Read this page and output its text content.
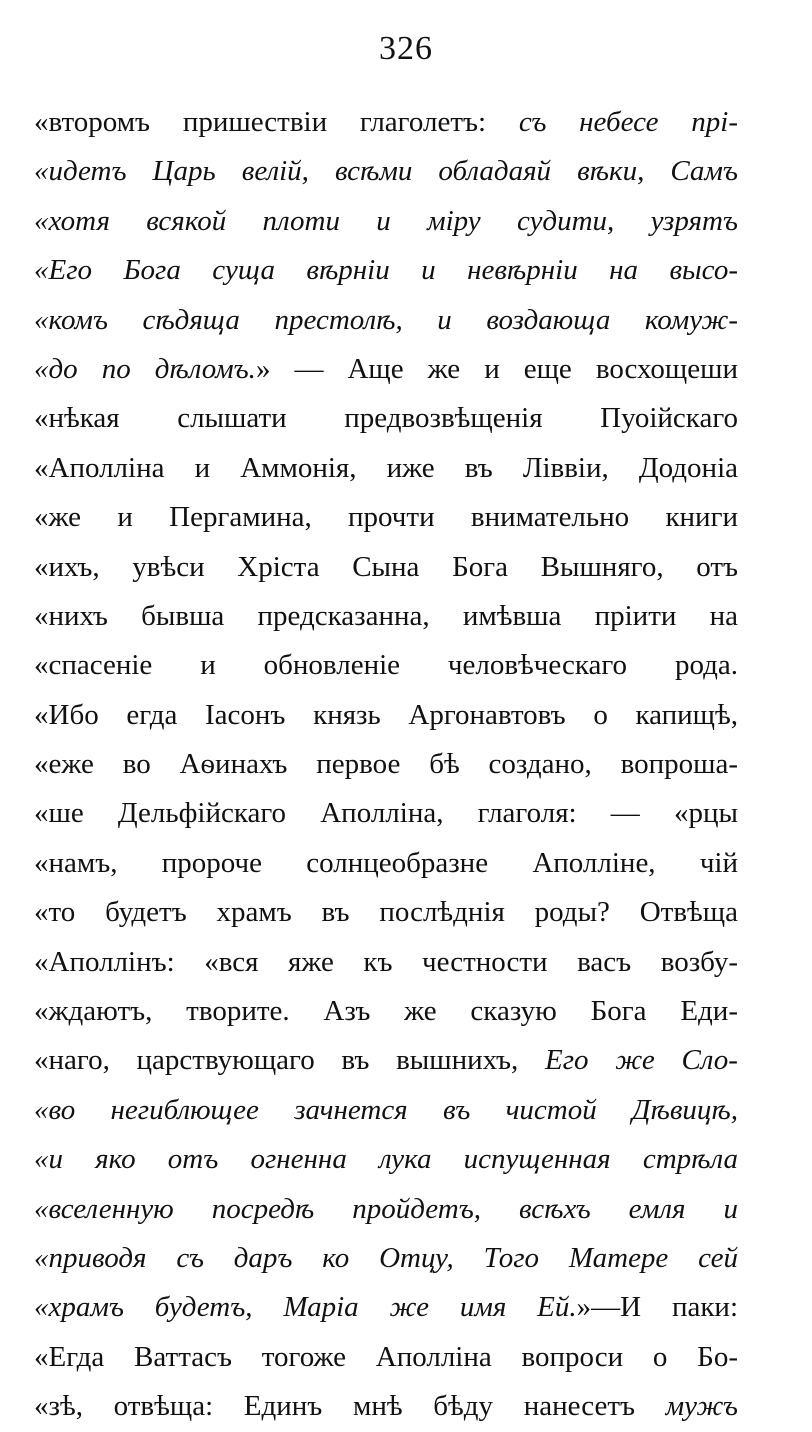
326
«второмъ пришествіи глаголетъ: съ небесе прі-
«идетъ Царь велій, всѣми обладаяй вѣки, Самъ
«хотя всякой плоти и міру судити, узрятъ
«Его Бога суща вѣрніи и невѣрніи на высо-
«комъ сѣдяща престолѣ, и воздающа комуж-
«до по дѣломъ.» — Аще же и еще восхощеши
«нѣкая слышати предвозвѣщенія Пуоійскаго
«Аполліна и Аммонія, иже въ Ліввіи, Додоніа
«же и Пергамина, прочти внимательно книги
«ихъ, увѣси Хріста Сына Бога Вышняго, отъ
«нихъ бывша предсказанна, имѣвша пріити на
«спасеніе и обновленіе человѣческаго рода.
«Ибо егда Іасонъ князь Аргонавтовъ о капищѣ,
«еже во Аѳинахъ первое бѣ создано, вопроша-
«ше Дельфійскаго Аполліна, глаголя: — «рцы
«намъ, пророче солнцеобразне Аполліне, чій
«то будетъ храмъ въ послѣднія роды? Отвѣща
«Аполлінъ: «вся яже къ честности васъ возбу-
«ждаютъ, творите. Азъ же сказую Бога Еди-
«наго, царствующаго въ вышнихъ, Его же Сло-
«во негиблющее зачнется въ чистой Дѣвицѣ,
«и яко отъ огненна лука испущенная стрѣла
«вселенную посредѣ пройдетъ, всѣхъ емля и
«приводя съ даръ ко Отцу, Того Матере сей
«храмъ будетъ, Маріа же имя Ей.»—И паки:
«Егда Ваттасъ тогоже Аполліна вопроси о Бо-
«зѣ, отвѣща: Единъ мнѣ бѣду нанесетъ мужъ
